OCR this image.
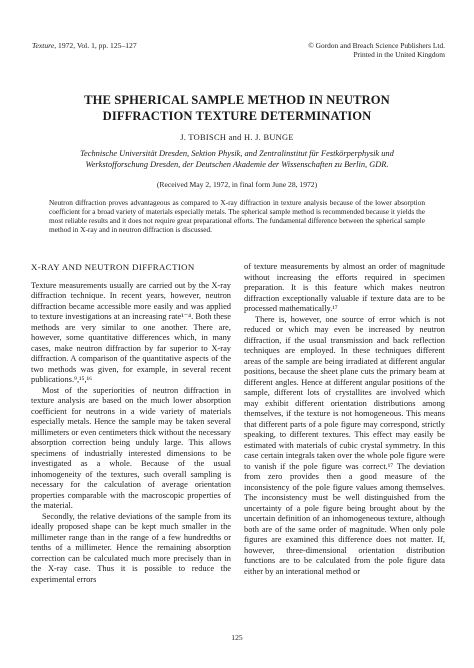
Texture, 1972, Vol. 1, pp. 125–127	© Gordon and Breach Science Publishers Ltd.
Printed in the United Kingdom
THE SPHERICAL SAMPLE METHOD IN NEUTRON
DIFFRACTION TEXTURE DETERMINATION
J. TOBISCH and H. J. BUNGE
Technische Universität Dresden, Sektion Physik, and Zentralinstitut für Festkörperphysik und
Werkstofforschung Dresden, der Deutschen Akademie der Wissenschaften zu Berlin, GDR.
(Received May 2, 1972, in final form June 28, 1972)
Neutron diffraction proves advantageous as compared to X-ray diffraction in texture analysis because of the lower absorption coefficient for a broad variety of materials especially metals. The spherical sample method is recommended because it yields the most reliable results and it does not require great preparational efforts. The fundamental difference between the spherical sample method in X-ray and in neutron diffraction is discussed.
X-RAY AND NEUTRON DIFFRACTION

Texture measurements usually are carried out by the X-ray diffraction technique. In recent years, however, neutron diffraction became accessible more easily and was applied to texture investigations at an increasing rate¹⁻⁴. Both these methods are very similar to one another. There are, however, some quantitative differences which, in many cases, make neutron diffraction by far superior to X-ray diffraction. A comparison of the quantitative aspects of the two methods was given, for example, in several recent publications.⁹,¹⁵,¹⁶

Most of the superiorities of neutron diffraction in texture analysis are based on the much lower absorption coefficient for neutrons in a wide variety of materials especially metals. Hence the sample may be taken several millimeters or even centimeters thick without the necessary absorption correction being unduly large. This allows specimens of industrially interested dimensions to be investigated as a whole. Because of the usual inhomogeneity of the textures, such overall sampling is necessary for the calculation of average orientation properties comparable with the macroscopic properties of the material.

Secondly, the relative deviations of the sample from its ideally proposed shape can be kept much smaller in the millimeter range than in the range of a few hundredths or tenths of a millimeter. Hence the remaining absorption correction can be calculated much more precisely than in the X-ray case. Thus it is possible to reduce the experimental errors

of texture measurements by almost an order of magnitude without increasing the efforts required in specimen preparation. It is this feature which makes neutron diffraction exceptionally valuable if texture data are to be processed mathematically.¹⁷

There is, however, one source of error which is not reduced or which may even be increased by neutron diffraction, if the usual transmission and back reflection techniques are employed. In these techniques different areas of the sample are being irradiated at different angular positions, because the sheet plane cuts the primary beam at different angles. Hence at different angular positions of the sample, different lots of crystallites are involved which may exhibit different orientation distributions among themselves, if the texture is not homogeneous. This means that different parts of a pole figure may correspond, strictly speaking, to different textures. This effect may easily be estimated with materials of cubic crystal symmetry. In this case certain integrals taken over the whole pole figure were to vanish if the pole figure was correct.¹⁷ The deviation from zero provides then a good measure of the inconsistency of the pole figure values among themselves. The inconsistency must be well distinguished from the uncertainty of a pole figure being brought about by the uncertain definition of an inhomogeneous texture, although both are of the same order of magnitude. When only pole figures are examined this difference does not matter. If, however, three-dimensional orientation distribution functions are to be calculated from the pole figure data either by an interational method or

125
